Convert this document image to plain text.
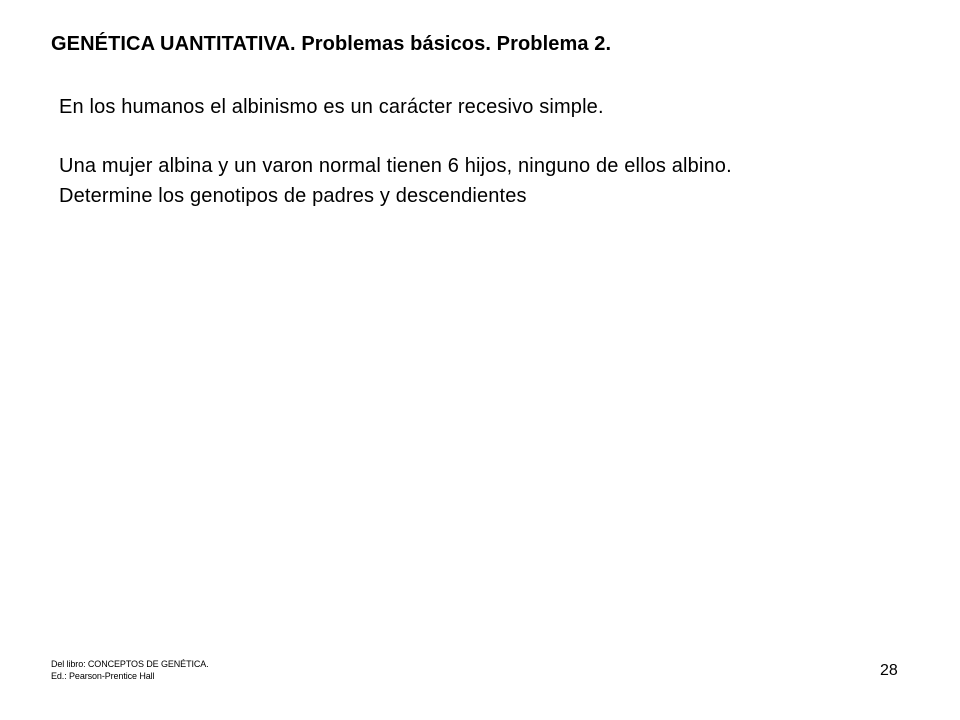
GENÉTICA UANTITATIVA. Problemas básicos. Problema 2.
En los humanos el albinismo es un carácter recesivo simple.
Una mujer albina y un varon normal tienen 6 hijos, ninguno de ellos albino.
Determine los genotipos de padres y descendientes
Del libro: CONCEPTOS DE GENÉTICA.
Ed.: Pearson-Prentice Hall	28
